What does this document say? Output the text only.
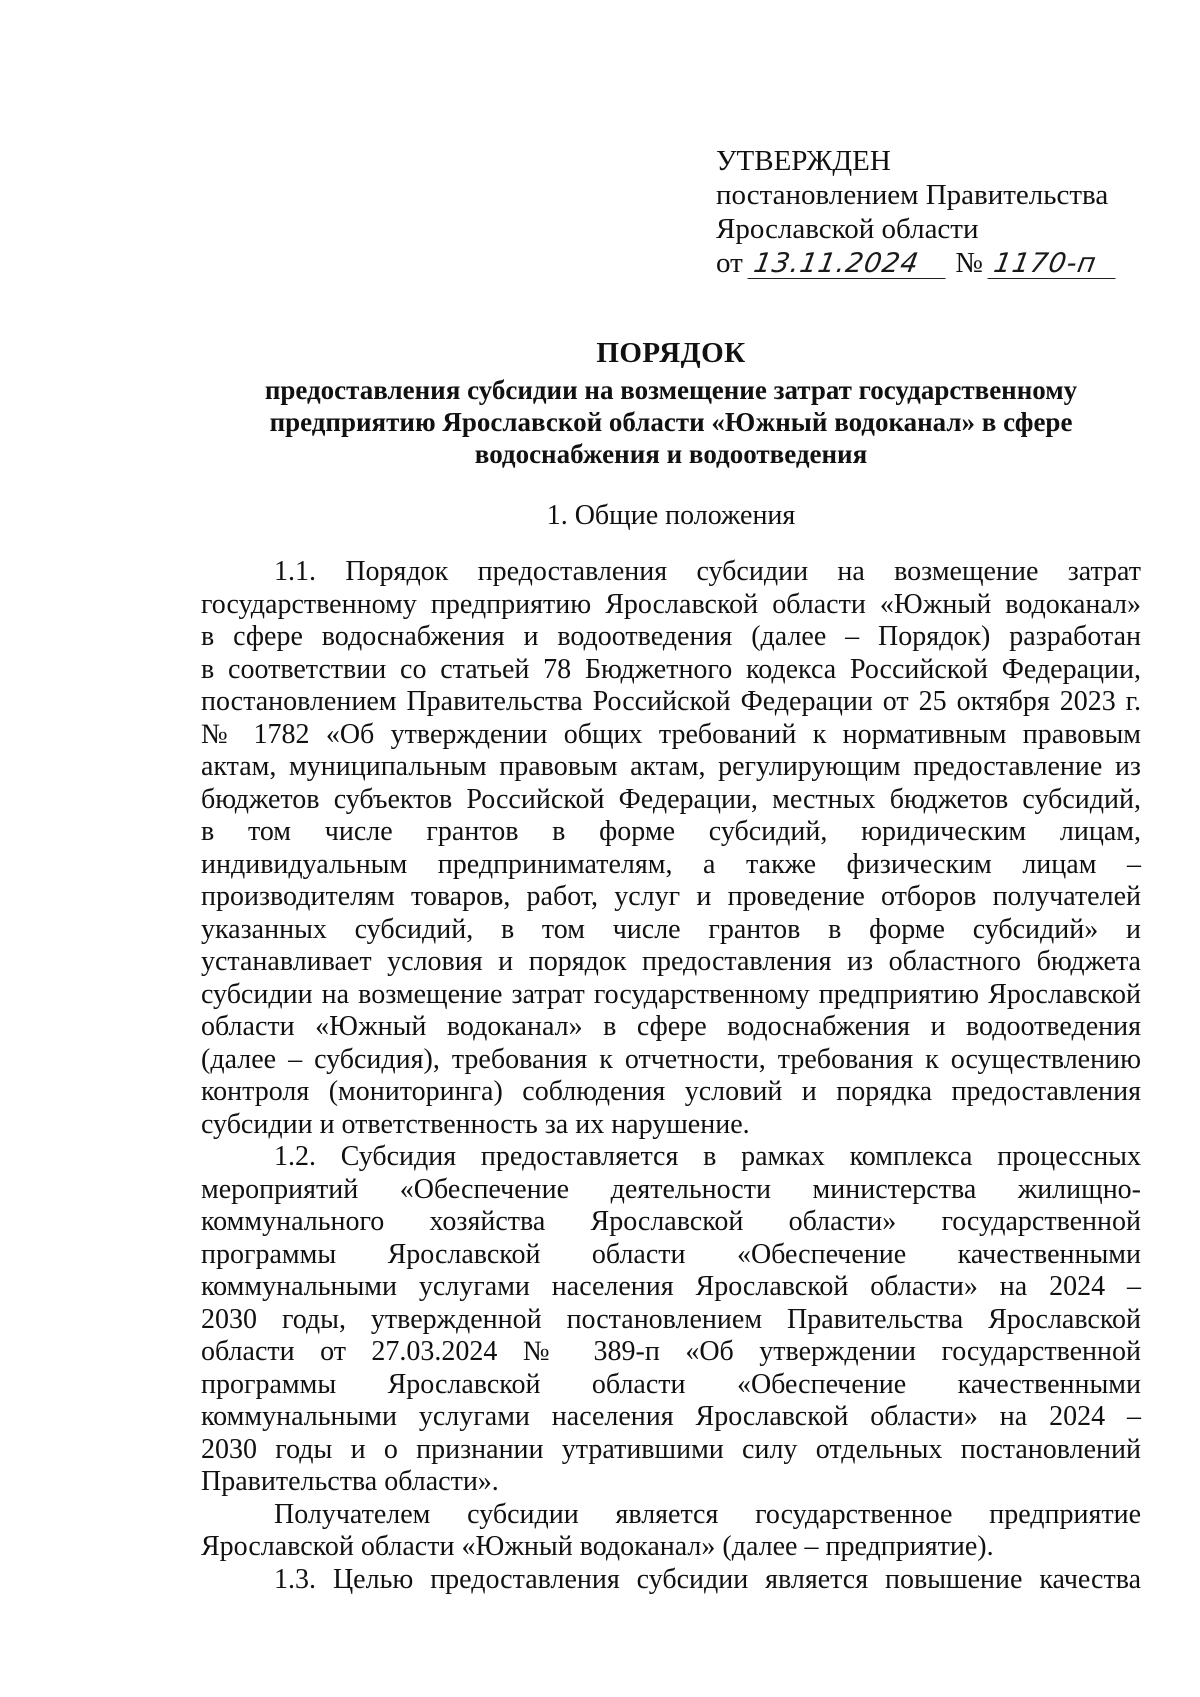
УТВЕРЖДЕН
постановлением Правительства
Ярославской области
от 13.11.2024 № 1170-п
ПОРЯДОК
предоставления субсидии на возмещение затрат государственному
предприятию Ярославской области «Южный водоканал» в сфере
водоснабжения и водоотведения
1. Общие положения
1.1. Порядок предоставления субсидии на возмещение затрат
государственному предприятию Ярославской области «Южный водоканал»
в сфере водоснабжения и водоотведения (далее – Порядок) разработан
в соответствии со статьей 78 Бюджетного кодекса Российской Федерации,
постановлением Правительства Российской Федерации от 25 октября 2023 г.
№ 1782 «Об утверждении общих требований к нормативным правовым
актам, муниципальным правовым актам, регулирующим предоставление из
бюджетов субъектов Российской Федерации, местных бюджетов субсидий,
в том числе грантов в форме субсидий, юридическим лицам,
индивидуальным предпринимателям, а также физическим лицам –
производителям товаров, работ, услуг и проведение отборов получателей
указанных субсидий, в том числе грантов в форме субсидий» и
устанавливает условия и порядок предоставления из областного бюджета
субсидии на возмещение затрат государственному предприятию Ярославской
области «Южный водоканал» в сфере водоснабжения и водоотведения
(далее – субсидия), требования к отчетности, требования к осуществлению
контроля (мониторинга) соблюдения условий и порядка предоставления
субсидии и ответственность за их нарушение.
1.2. Субсидия предоставляется в рамках комплекса процессных
мероприятий «Обеспечение деятельности министерства жилищно-
коммунального хозяйства Ярославской области» государственной
программы Ярославской области «Обеспечение качественными
коммунальными услугами населения Ярославской области» на 2024 –
2030 годы, утвержденной постановлением Правительства Ярославской
области от 27.03.2024 № 389-п «Об утверждении государственной
программы Ярославской области «Обеспечение качественными
коммунальными услугами населения Ярославской области» на 2024 –
2030 годы и о признании утратившими силу отдельных постановлений
Правительства области».
Получателем субсидии является государственное предприятие
Ярославской области «Южный водоканал» (далее – предприятие).
1.3. Целью предоставления субсидии является повышение качества
